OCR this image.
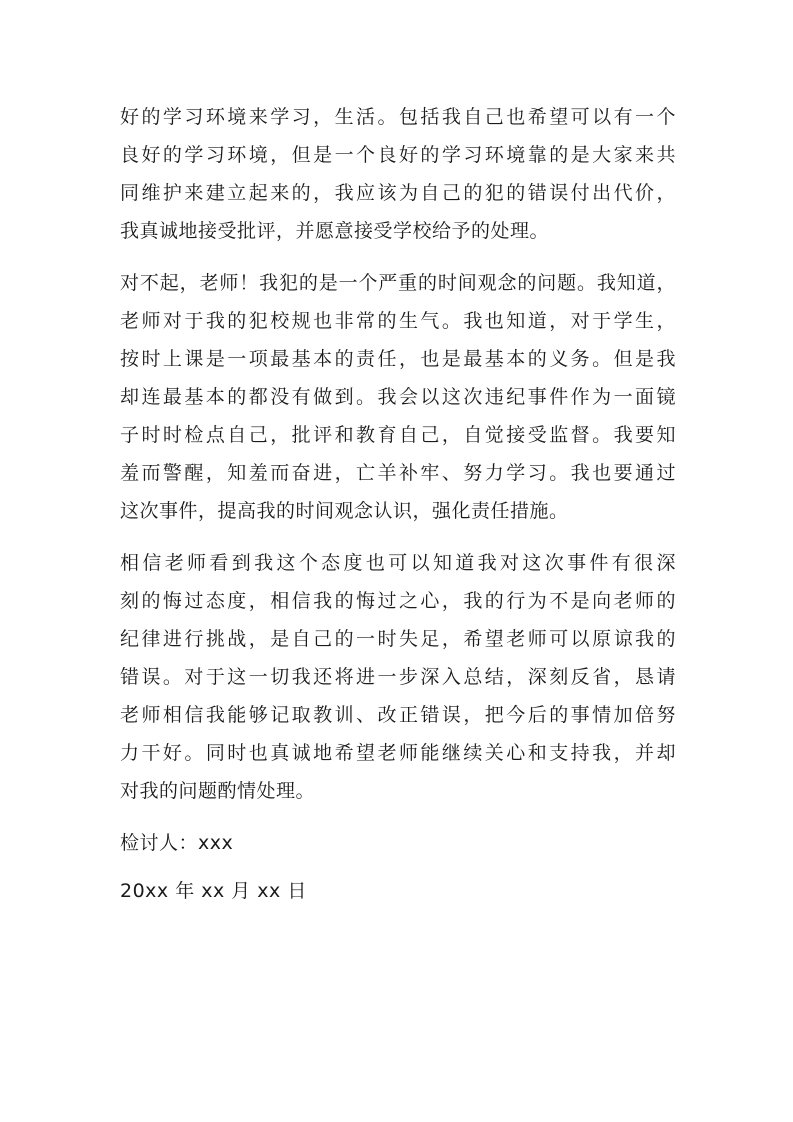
好的学习环境来学习，生活。包括我自己也希望可以有一个
良好的学习环境，但是一个良好的学习环境靠的是大家来共
同维护来建立起来的，我应该为自己的犯的错误付出代价，
我真诚地接受批评，并愿意接受学校给予的处理。
对不起，老师！我犯的是一个严重的时间观念的问题。我知道，
老师对于我的犯校规也非常的生气。我也知道，对于学生，
按时上课是一项最基本的责任，也是最基本的义务。但是我
却连最基本的都没有做到。我会以这次违纪事件作为一面镜
子时时检点自己，批评和教育自己，自觉接受监督。我要知
羞而警醒，知羞而奋进，亡羊补牢、努力学习。我也要通过
这次事件，提高我的时间观念认识，强化责任措施。
相信老师看到我这个态度也可以知道我对这次事件有很深
刻的悔过态度，相信我的悔过之心，我的行为不是向老师的
纪律进行挑战，是自己的一时失足，希望老师可以原谅我的
错误。对于这一切我还将进一步深入总结，深刻反省，恳请
老师相信我能够记取教训、改正错误，把今后的事情加倍努
力干好。同时也真诚地希望老师能继续关心和支持我，并却
对我的问题酌情处理。
检讨人：xxx
20xx 年 xx 月 xx 日
